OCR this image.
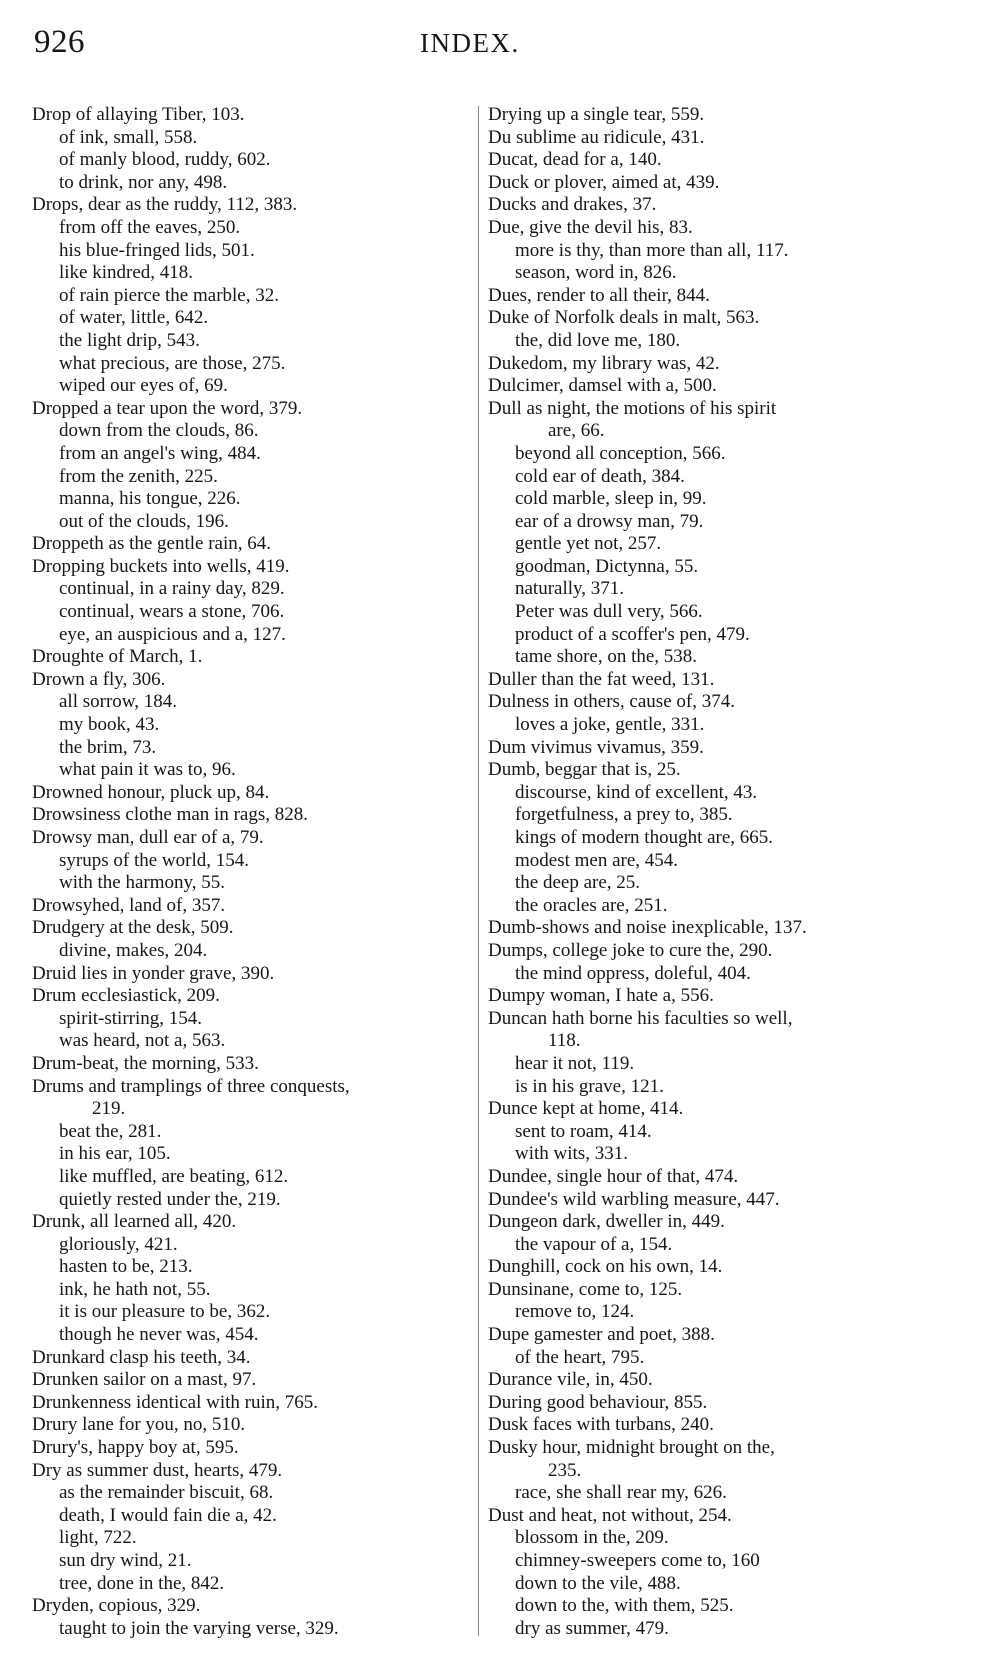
926	INDEX.
Drop of allaying Tiber, 103.
of ink, small, 558.
of manly blood, ruddy, 602.
to drink, nor any, 498.
Drops, dear as the ruddy, 112, 383.
from off the eaves, 250.
his blue-fringed lids, 501.
like kindred, 418.
of rain pierce the marble, 32.
of water, little, 642.
the light drip, 543.
what precious, are those, 275.
wiped our eyes of, 69.
Dropped a tear upon the word, 379.
down from the clouds, 86.
from an angel's wing, 484.
from the zenith, 225.
manna, his tongue, 226.
out of the clouds, 196.
Droppeth as the gentle rain, 64.
Dropping buckets into wells, 419.
continual, in a rainy day, 829.
continual, wears a stone, 706.
eye, an auspicious and a, 127.
Droughte of March, 1.
Drown a fly, 306.
all sorrow, 184.
my book, 43.
the brim, 73.
what pain it was to, 96.
Drowned honour, pluck up, 84.
Drowsiness clothe man in rags, 828.
Drowsy man, dull ear of a, 79.
syrups of the world, 154.
with the harmony, 55.
Drowsyhed, land of, 357.
Drudgery at the desk, 509.
divine, makes, 204.
Druid lies in yonder grave, 390.
Drum ecclesiastick, 209.
spirit-stirring, 154.
was heard, not a, 563.
Drum-beat, the morning, 533.
Drums and tramplings of three conquests,
219.
beat the, 281.
in his ear, 105.
like muffled, are beating, 612.
quietly rested under the, 219.
Drunk, all learned all, 420.
gloriously, 421.
hasten to be, 213.
ink, he hath not, 55.
it is our pleasure to be, 362.
though he never was, 454.
Drunkard clasp his teeth, 34.
Drunken sailor on a mast, 97.
Drunkenness identical with ruin, 765.
Drury lane for you, no, 510.
Drury's, happy boy at, 595.
Dry as summer dust, hearts, 479.
as the remainder biscuit, 68.
death, I would fain die a, 42.
light, 722.
sun dry wind, 21.
tree, done in the, 842.
Dryden, copious, 329.
taught to join the varying verse, 329.
Drying up a single tear, 559.
Du sublime au ridicule, 431.
Ducat, dead for a, 140.
Duck or plover, aimed at, 439.
Ducks and drakes, 37.
Due, give the devil his, 83.
more is thy, than more than all, 117.
season, word in, 826.
Dues, render to all their, 844.
Duke of Norfolk deals in malt, 563.
the, did love me, 180.
Dukedom, my library was, 42.
Dulcimer, damsel with a, 500.
Dull as night, the motions of his spirit
are, 66.
beyond all conception, 566.
cold ear of death, 384.
cold marble, sleep in, 99.
ear of a drowsy man, 79.
gentle yet not, 257.
goodman, Dictynna, 55.
naturally, 371.
Peter was dull very, 566.
product of a scoffer's pen, 479.
tame shore, on the, 538.
Duller than the fat weed, 131.
Dulness in others, cause of, 374.
loves a joke, gentle, 331.
Dum vivimus vivamus, 359.
Dumb, beggar that is, 25.
discourse, kind of excellent, 43.
forgetfulness, a prey to, 385.
kings of modern thought are, 665.
modest men are, 454.
the deep are, 25.
the oracles are, 251.
Dumb-shows and noise inexplicable, 137.
Dumps, college joke to cure the, 290.
the mind oppress, doleful, 404.
Dumpy woman, I hate a, 556.
Duncan hath borne his faculties so well,
118.
hear it not, 119.
is in his grave, 121.
Dunce kept at home, 414.
sent to roam, 414.
with wits, 331.
Dundee, single hour of that, 474.
Dundee's wild warbling measure, 447.
Dungeon dark, dweller in, 449.
the vapour of a, 154.
Dunghill, cock on his own, 14.
Dunsinane, come to, 125.
remove to, 124.
Dupe gamester and poet, 388.
of the heart, 795.
Durance vile, in, 450.
During good behaviour, 855.
Dusk faces with turbans, 240.
Dusky hour, midnight brought on the,
235.
race, she shall rear my, 626.
Dust and heat, not without, 254.
blossom in the, 209.
chimney-sweepers come to, 160
down to the vile, 488.
down to the, with them, 525.
dry as summer, 479.
